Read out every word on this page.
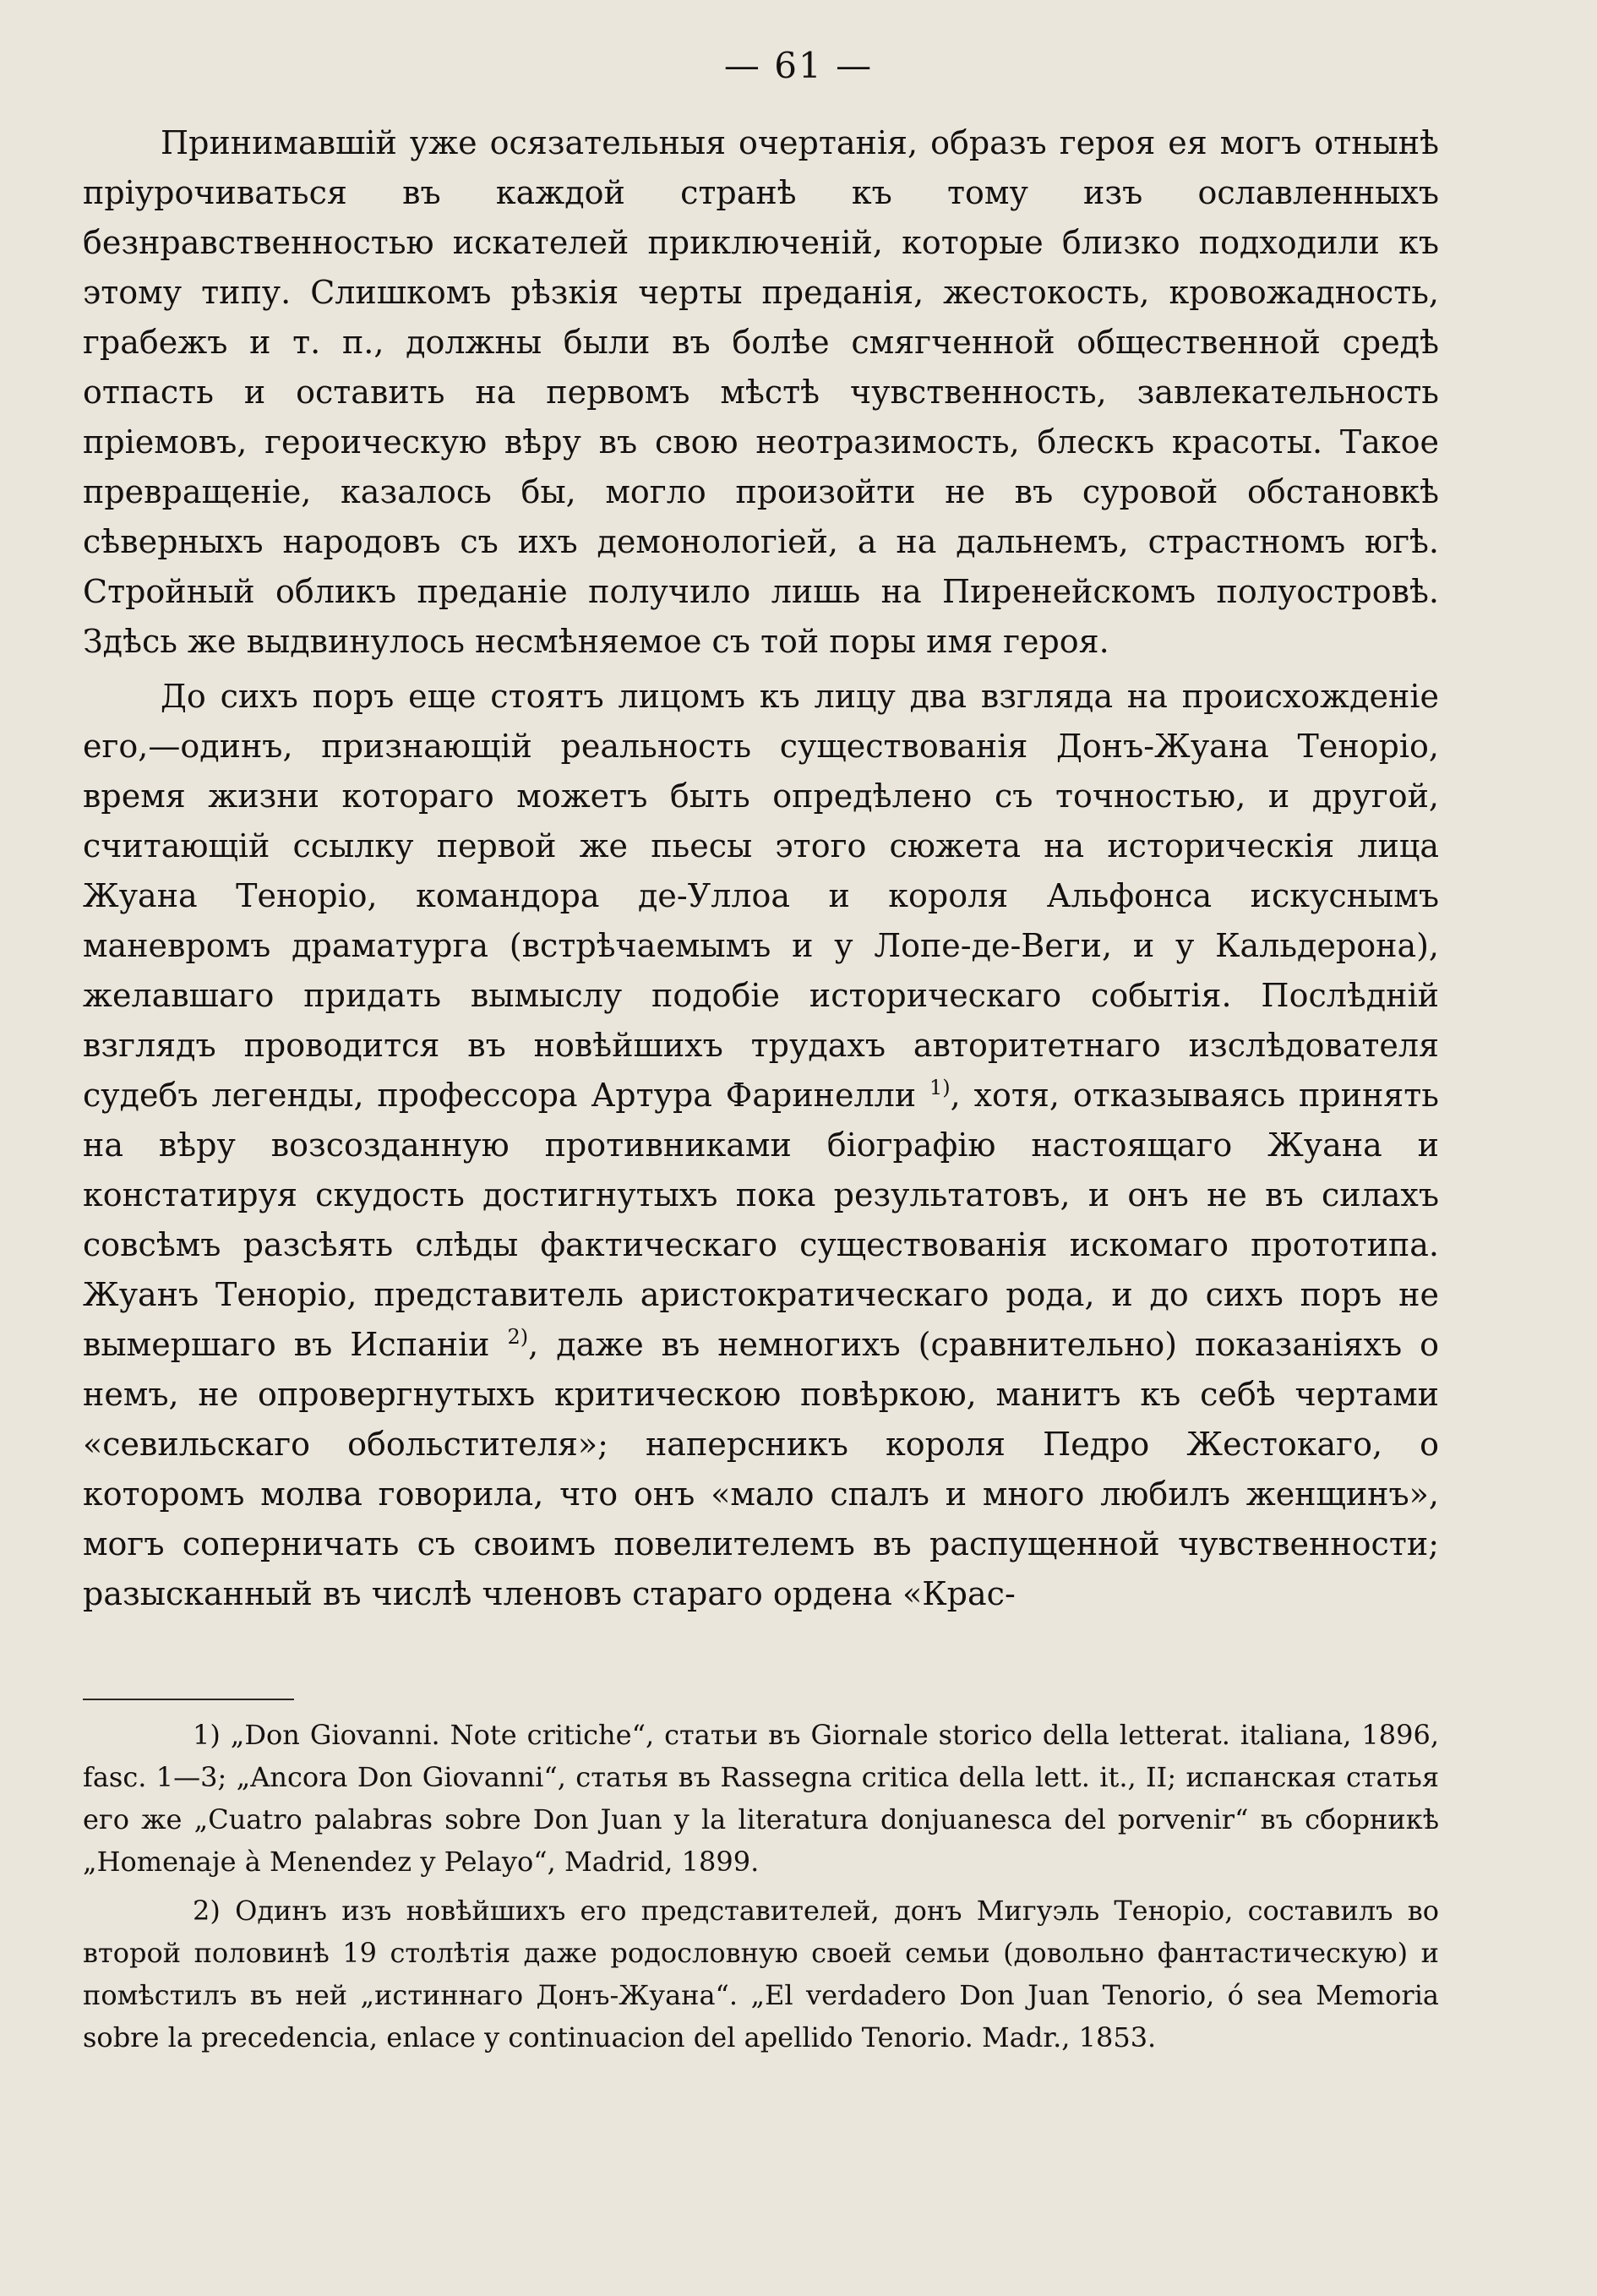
— 61 —

Принимавшій уже осязательныя очертанія, образъ героя ея могъ отнынѣ пріурочиваться въ каждой странѣ къ тому изъ ославленныхъ безнравственностью искателей приключеній, которые близко подходили къ этому типу. Слишкомъ рѣзкія черты преданія, жестокость, кровожадность, грабежъ и т. п., должны были въ болѣе смягченной общественной средѣ отпасть и оставить на первомъ мѣстѣ чувственность, завлекательность пріемовъ, героическую вѣру въ свою неотразимость, блескъ красоты. Такое превращеніе, казалось бы, могло произойти не въ суровой обстановкѣ сѣверныхъ народовъ съ ихъ демонологіей, а на дальнемъ, страстномъ югѣ. Стройный обликъ преданіе получило лишь на Пиренейскомъ полуостровѣ. Здѣсь же выдвинулось несмѣняемое съ той поры имя героя.

До сихъ поръ еще стоятъ лицомъ къ лицу два взгляда на происхожденіе его,—одинъ, признающій реальность существованія Донъ-Жуана Теноріо, время жизни котораго можетъ быть опредѣлено съ точностью, и другой, считающій ссылку первой же пьесы этого сюжета на историческія лица Жуана Теноріо, командора де-Уллоа и короля Альфонса искуснымъ маневромъ драматурга (встрѣчаемымъ и у Лопе-де-Веги, и у Кальдерона), желавшаго придать вымыслу подобіе историческаго событія. Послѣдній взглядъ проводится въ новѣйшихъ трудахъ авторитетнаго изслѣдователя судебъ легенды, профессора Артура Фаринелли $^{1)}$, хотя, отказываясь принять на вѣру возсозданную противниками біографію настоящаго Жуана и констатируя скудость достигнутыхъ пока результатовъ, и онъ не въ силахъ совсѣмъ разсѣять слѣды фактическаго существованія искомаго прототипа. Жуанъ Теноріо, представитель аристократическаго рода, и до сихъ поръ не вымершаго въ Испаніи $^{2)}$, даже въ немногихъ (сравнительно) показаніяхъ о немъ, не опровергнутыхъ критическою повѣркою, манитъ къ себѣ чертами «севильскаго обольстителя»; наперсникъ короля Педро Жестокаго, о которомъ молва говорила, что онъ «мало спалъ и много любилъ женщинъ», могъ соперничать съ своимъ повелителемъ въ распущенной чувственности; разысканный въ числѣ членовъ стараго ордена «Крас-

1) „Don Giovanni. Note critiche“, статьи въ Giornale storico della letterat. italiana, 1896, fasc. 1—3; „Ancora Don Giovanni“, статья въ Rassegna critica della lett. it., II; испанская статья его же „Cuatro palabras sobre Don Juan y la literatura donjuanesca del porvenir“ въ сборникѣ „Homenaje à Menendez y Pelayo“, Madrid, 1899.

2) Одинъ изъ новѣйшихъ его представителей, донъ Мигуэль Теноріо, составилъ во второй половинѣ 19 столѣтія даже родословную своей семьи (довольно фантастическую) и помѣстилъ въ ней „истиннаго Донъ-Жуана“. „El verdadero Don Juan Tenorio, ó sea Memoria sobre la precedencia, enlace y continuacion del apellido Tenorio. Madr., 1853.
